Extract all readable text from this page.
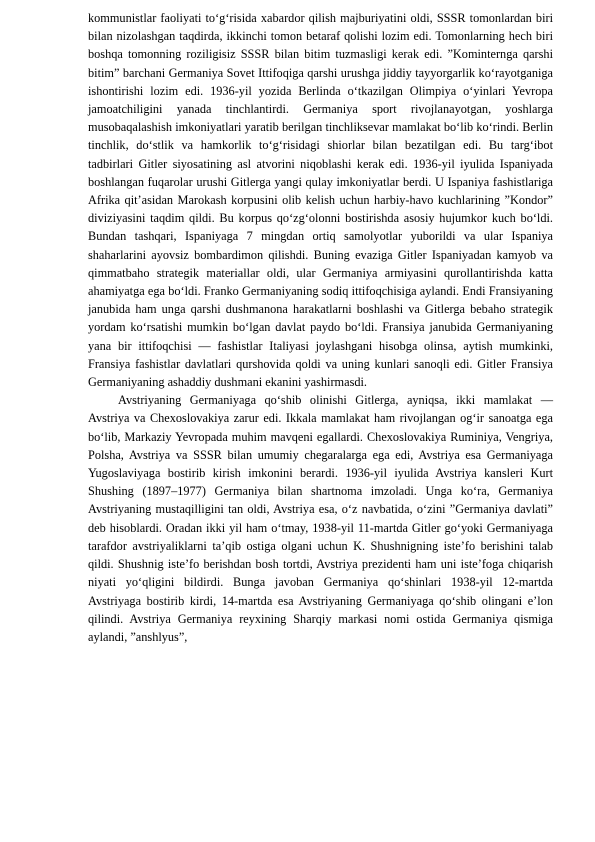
kommunistlar faoliyati to‘g‘risida xabardor qilish majburiyatini oldi, SSSR tomonlardan biri bilan nizolashgan taqdirda, ikkinchi tomon betaraf qolishi lozim edi. Tomonlarning hech biri boshqa tomonning roziligisiz SSSR bilan bitim tuzmasligi kerak edi. ˮKominternga qarshi bitimˮ barchani Germaniya Sovet Ittifoqiga qarshi urushga jiddiy tayyorgarlik ko‘rayotganiga ishontirishi lozim edi. 1936-yil yozida Berlinda o‘tkazilgan Olimpiya o‘yinlari Yevropa jamoatchiligini yanada tinchlantirdi. Germaniya sport rivojlanayotgan, yoshlarga musobaqalashish imkoniyatlari yaratib berilgan tinchliksevar mamlakat bo‘lib ko‘rindi. Berlin tinchlik, do‘stlik va hamkorlik to‘g‘risidagi shiorlar bilan bezatilgan edi. Bu targ‘ibot tadbirlari Gitler siyosatining asl atvorini niqoblashi kerak edi. 1936-yil iyulida Ispaniyada boshlangan fuqarolar urushi Gitlerga yangi qulay imkoniyatlar berdi. U Ispaniya fashistlariga Afrika qit’asidan Marokash korpusini olib kelish uchun harbiy-havo kuchlarining ˮKondorˮ diviziyasini taqdim qildi. Bu korpus qo‘zg‘olonni bostirishda asosiy hujumkor kuch bo‘ldi. Bundan tashqari, Ispaniyaga 7 mingdan ortiq samolyotlar yuborildi va ular Ispaniya shaharlarini ayovsiz bombardimon qilishdi. Buning evaziga Gitler Ispaniyadan kamyob va qimmatbaho strategik materiallar oldi, ular Germaniya armiyasini qurollantirishda katta ahamiyatga ega bo‘ldi. Franko Germaniyaning sodiq ittifoqchisiga aylandi. Endi Fransiyaning janubida ham unga qarshi dushmanona harakatlarni boshlashi va Gitlerga bebaho strategik yordam ko‘rsatishi mumkin bo‘lgan davlat paydo bo‘ldi. Fransiya janubida Germaniyaning yana bir ittifoqchisi — fashistlar Italiyasi joylashgani hisobga olinsa, aytish mumkinki, Fransiya fashistlar davlatlari qurshovida qoldi va uning kunlari sanoqli edi. Gitler Fransiya Germaniyaning ashaddiy dushmani ekanini yashirmasdi.

Avstriyaning Germaniyaga qo‘shib olinishi Gitlerga, ayniqsa, ikki mamlakat — Avstriya va Chexoslovakiya zarur edi. Ikkala mamlakat ham rivojlangan og‘ir sanoatga ega bo‘lib, Markaziy Yevropada muhim mavqeni egallardi. Chexoslovakiya Ruminiya, Vengriya, Polsha, Avstriya va SSSR bilan umumiy chegaralarga ega edi, Avstriya esa Germaniyaga Yugoslaviyaga bostirib kirish imkonini berardi. 1936-yil iyulida Avstriya kansleri Kurt Shushing (1897–1977) Germaniya bilan shartnoma imzoladi. Unga ko‘ra, Germaniya Avstriyaning mustaqilligini tan oldi, Avstriya esa, o‘z navbatida, o‘zini ˮGermaniya davlatiˮ deb hisoblardi. Oradan ikki yil ham o‘tmay, 1938-yil 11-martda Gitler go‘yoki Germaniyaga tarafdor avstriyaliklarni ta’qib ostiga olgani uchun K. Shushnigning iste’fo berishini talab qildi. Shushnig iste’fo berishdan bosh tortdi, Avstriya prezidenti ham uni iste’foga chiqarish niyati yo‘qligini bildirdi. Bunga javoban Germaniya qo‘shinlari 1938-yil 12-martda Avstriyaga bostirib kirdi, 14-martda esa Avstriyaning Germaniyaga qo‘shib olingani e’lon qilindi. Avstriya Germaniya reyxining Sharqiy markasi nomi ostida Germaniya qismiga aylandi, ˮanshlyusˮ,
